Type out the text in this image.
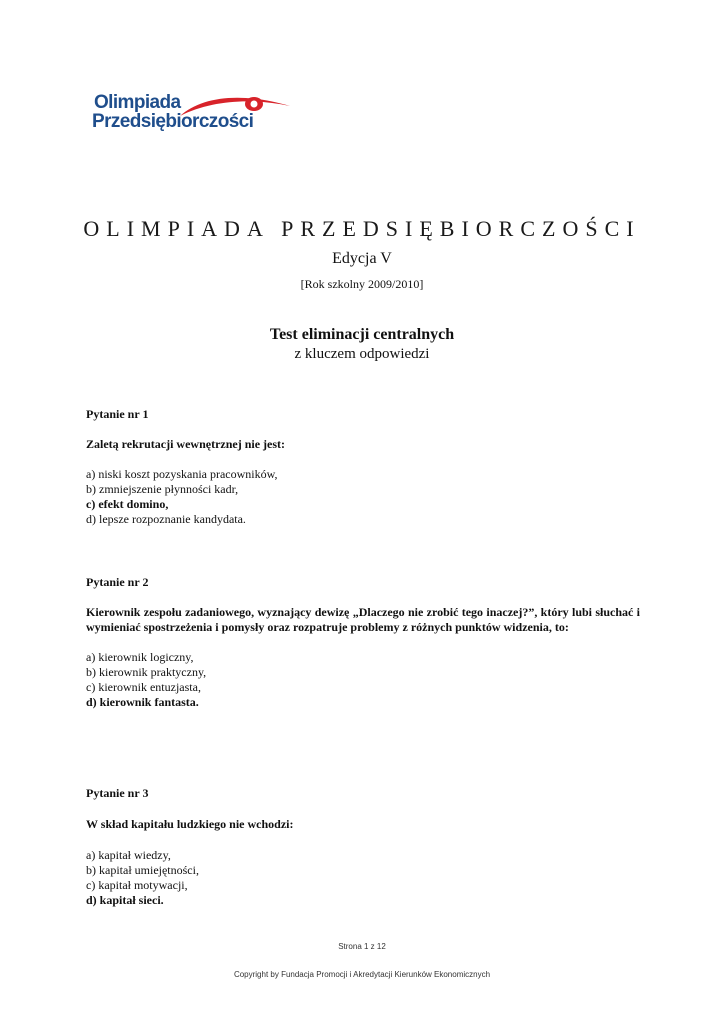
Olimpiada
Przedsiębiorczości
OLIMPIADA PRZEDSIĘBIORCZOŚCI
Edycja V
[Rok szkolny 2009/2010]
Test eliminacji centralnych
z kluczem odpowiedzi

Pytanie nr 1

Zaletą rekrutacji wewnętrznej nie jest:

a) niski koszt pozyskania pracowników,
b) zmniejszenie płynności kadr,
c) efekt domino,
d) lepsze rozpoznanie kandydata.

Pytanie nr 2

Kierownik zespołu zadaniowego, wyznający dewizę „Dlaczego nie zrobić tego inaczej?”, który lubi słuchać i wymieniać spostrzeżenia i pomysły oraz rozpatruje problemy z różnych punktów widzenia, to:

a) kierownik logiczny,
b) kierownik praktyczny,
c) kierownik entuzjasta,
d) kierownik fantasta.

Pytanie nr 3

W skład kapitału ludzkiego nie wchodzi:

a) kapitał wiedzy,
b) kapitał umiejętności,
c) kapitał motywacji,
d) kapitał sieci.
Strona 1 z 12
Copyright by Fundacja Promocji i Akredytacji Kierunków Ekonomicznych
